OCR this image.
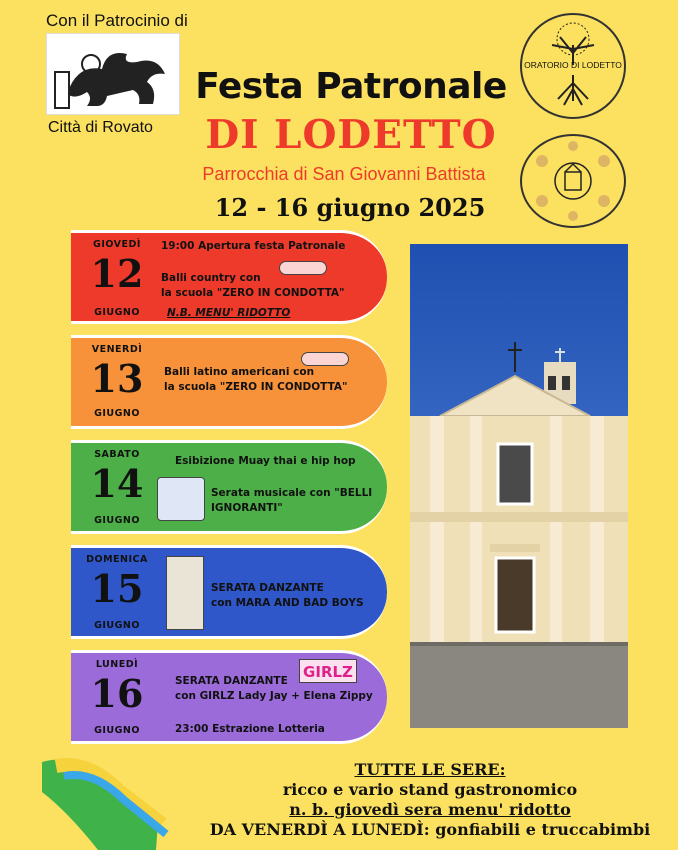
Con il Patrocinio di
Città di Rovato
Festa Patronale
DI LODETTO
Parrocchia di San Giovanni Battista
12 - 16 giugno 2025
ORATORIO DI LODETTO
GIOVEDÌ
12
GIUGNO
19:00 Apertura festa Patronale
Balli country con
la scuola "ZERO IN CONDOTTA"
N.B. MENU' RIDOTTO
VENERDÌ
13
GIUGNO
Balli latino americani con
la scuola "ZERO IN CONDOTTA"
SABATO
14
GIUGNO
Esibizione Muay thai e hip hop
Serata musicale con "BELLI
IGNORANTI"
DOMENICA
15
GIUGNO
SERATA DANZANTE
con MARA AND BAD BOYS
LUNEDÌ
16
GIUGNO
SERATA DANZANTE
con GIRLZ Lady Jay + Elena Zippy
23:00 Estrazione Lotteria
GIRLZ
TUTTE LE SERE:
ricco e vario stand gastronomico
n. b. giovedì sera menu' ridotto
DA VENERDÌ A LUNEDÌ: gonfiabili e truccabimbi
